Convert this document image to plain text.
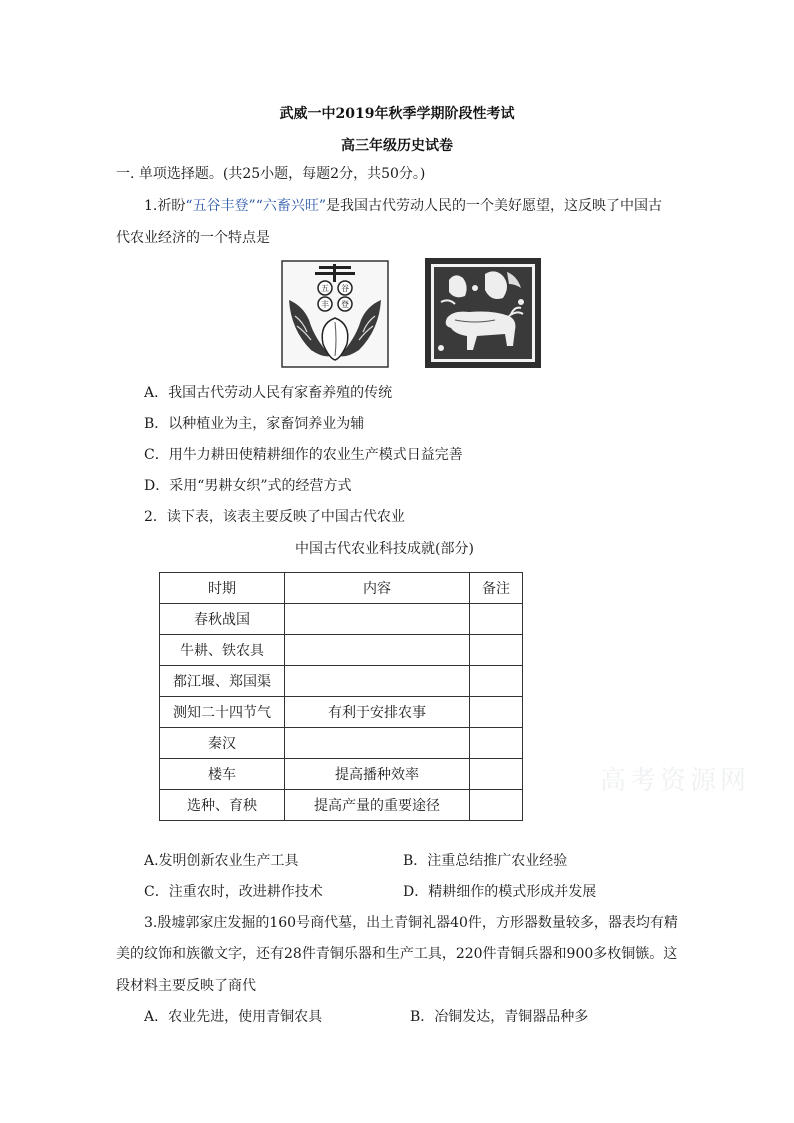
武威一中2019年秋季学期阶段性考试
高三年级历史试卷
一. 单项选择题。(共25小题，每题2分，共50分。)
1.祈盼“五谷丰登”“六畜兴旺”是我国古代劳动人民的一个美好愿望，这反映了中国古
代农业经济的一个特点是
五 谷
丰 登
A．我国古代劳动人民有家畜养殖的传统
B．以种植业为主，家畜饲养业为辅
C．用牛力耕田使精耕细作的农业生产模式日益完善
D．采用“男耕女织”式的经营方式
2．读下表，该表主要反映了中国古代农业
中国古代农业科技成就(部分)
时期	内容	备注
春秋战国		
牛耕、铁农具		
都江堰、郑国渠		
测知二十四节气	有利于安排农事	
秦汉		
楼车	提高播种效率	
选种、育秧	提高产量的重要途径	
高考资源网
A.发明创新农业生产工具	B．注重总结推广农业经验
C．注重农时，改进耕作技术	D．精耕细作的模式形成并发展
3.殷墟郭家庄发掘的160号商代墓，出土青铜礼器40件，方形器数量较多，器表均有精
美的纹饰和族徽文字，还有28件青铜乐器和生产工具，220件青铜兵器和900多枚铜镞。这
段材料主要反映了商代
A．农业先进，使用青铜农具	B．冶铜发达，青铜器品种多
